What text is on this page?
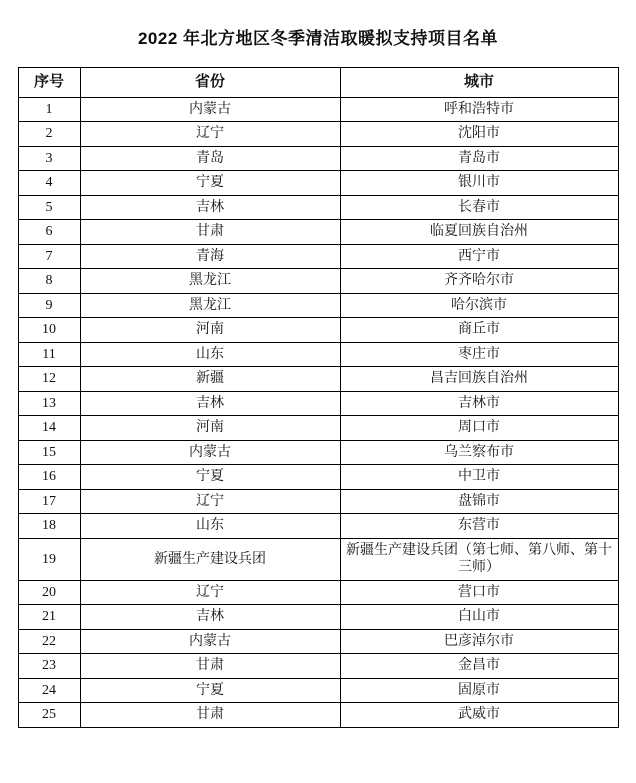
2022 年北方地区冬季清洁取暖拟支持项目名单
序号	省份	城市
1	内蒙古	呼和浩特市
2	辽宁	沈阳市
3	青岛	青岛市
4	宁夏	银川市
5	吉林	长春市
6	甘肃	临夏回族自治州
7	青海	西宁市
8	黑龙江	齐齐哈尔市
9	黑龙江	哈尔滨市
10	河南	商丘市
11	山东	枣庄市
12	新疆	昌吉回族自治州
13	吉林	吉林市
14	河南	周口市
15	内蒙古	乌兰察布市
16	宁夏	中卫市
17	辽宁	盘锦市
18	山东	东营市
19	新疆生产建设兵团	新疆生产建设兵团（第七师、第八师、第十三师）
20	辽宁	营口市
21	吉林	白山市
22	内蒙古	巴彦淖尔市
23	甘肃	金昌市
24	宁夏	固原市
25	甘肃	武威市
